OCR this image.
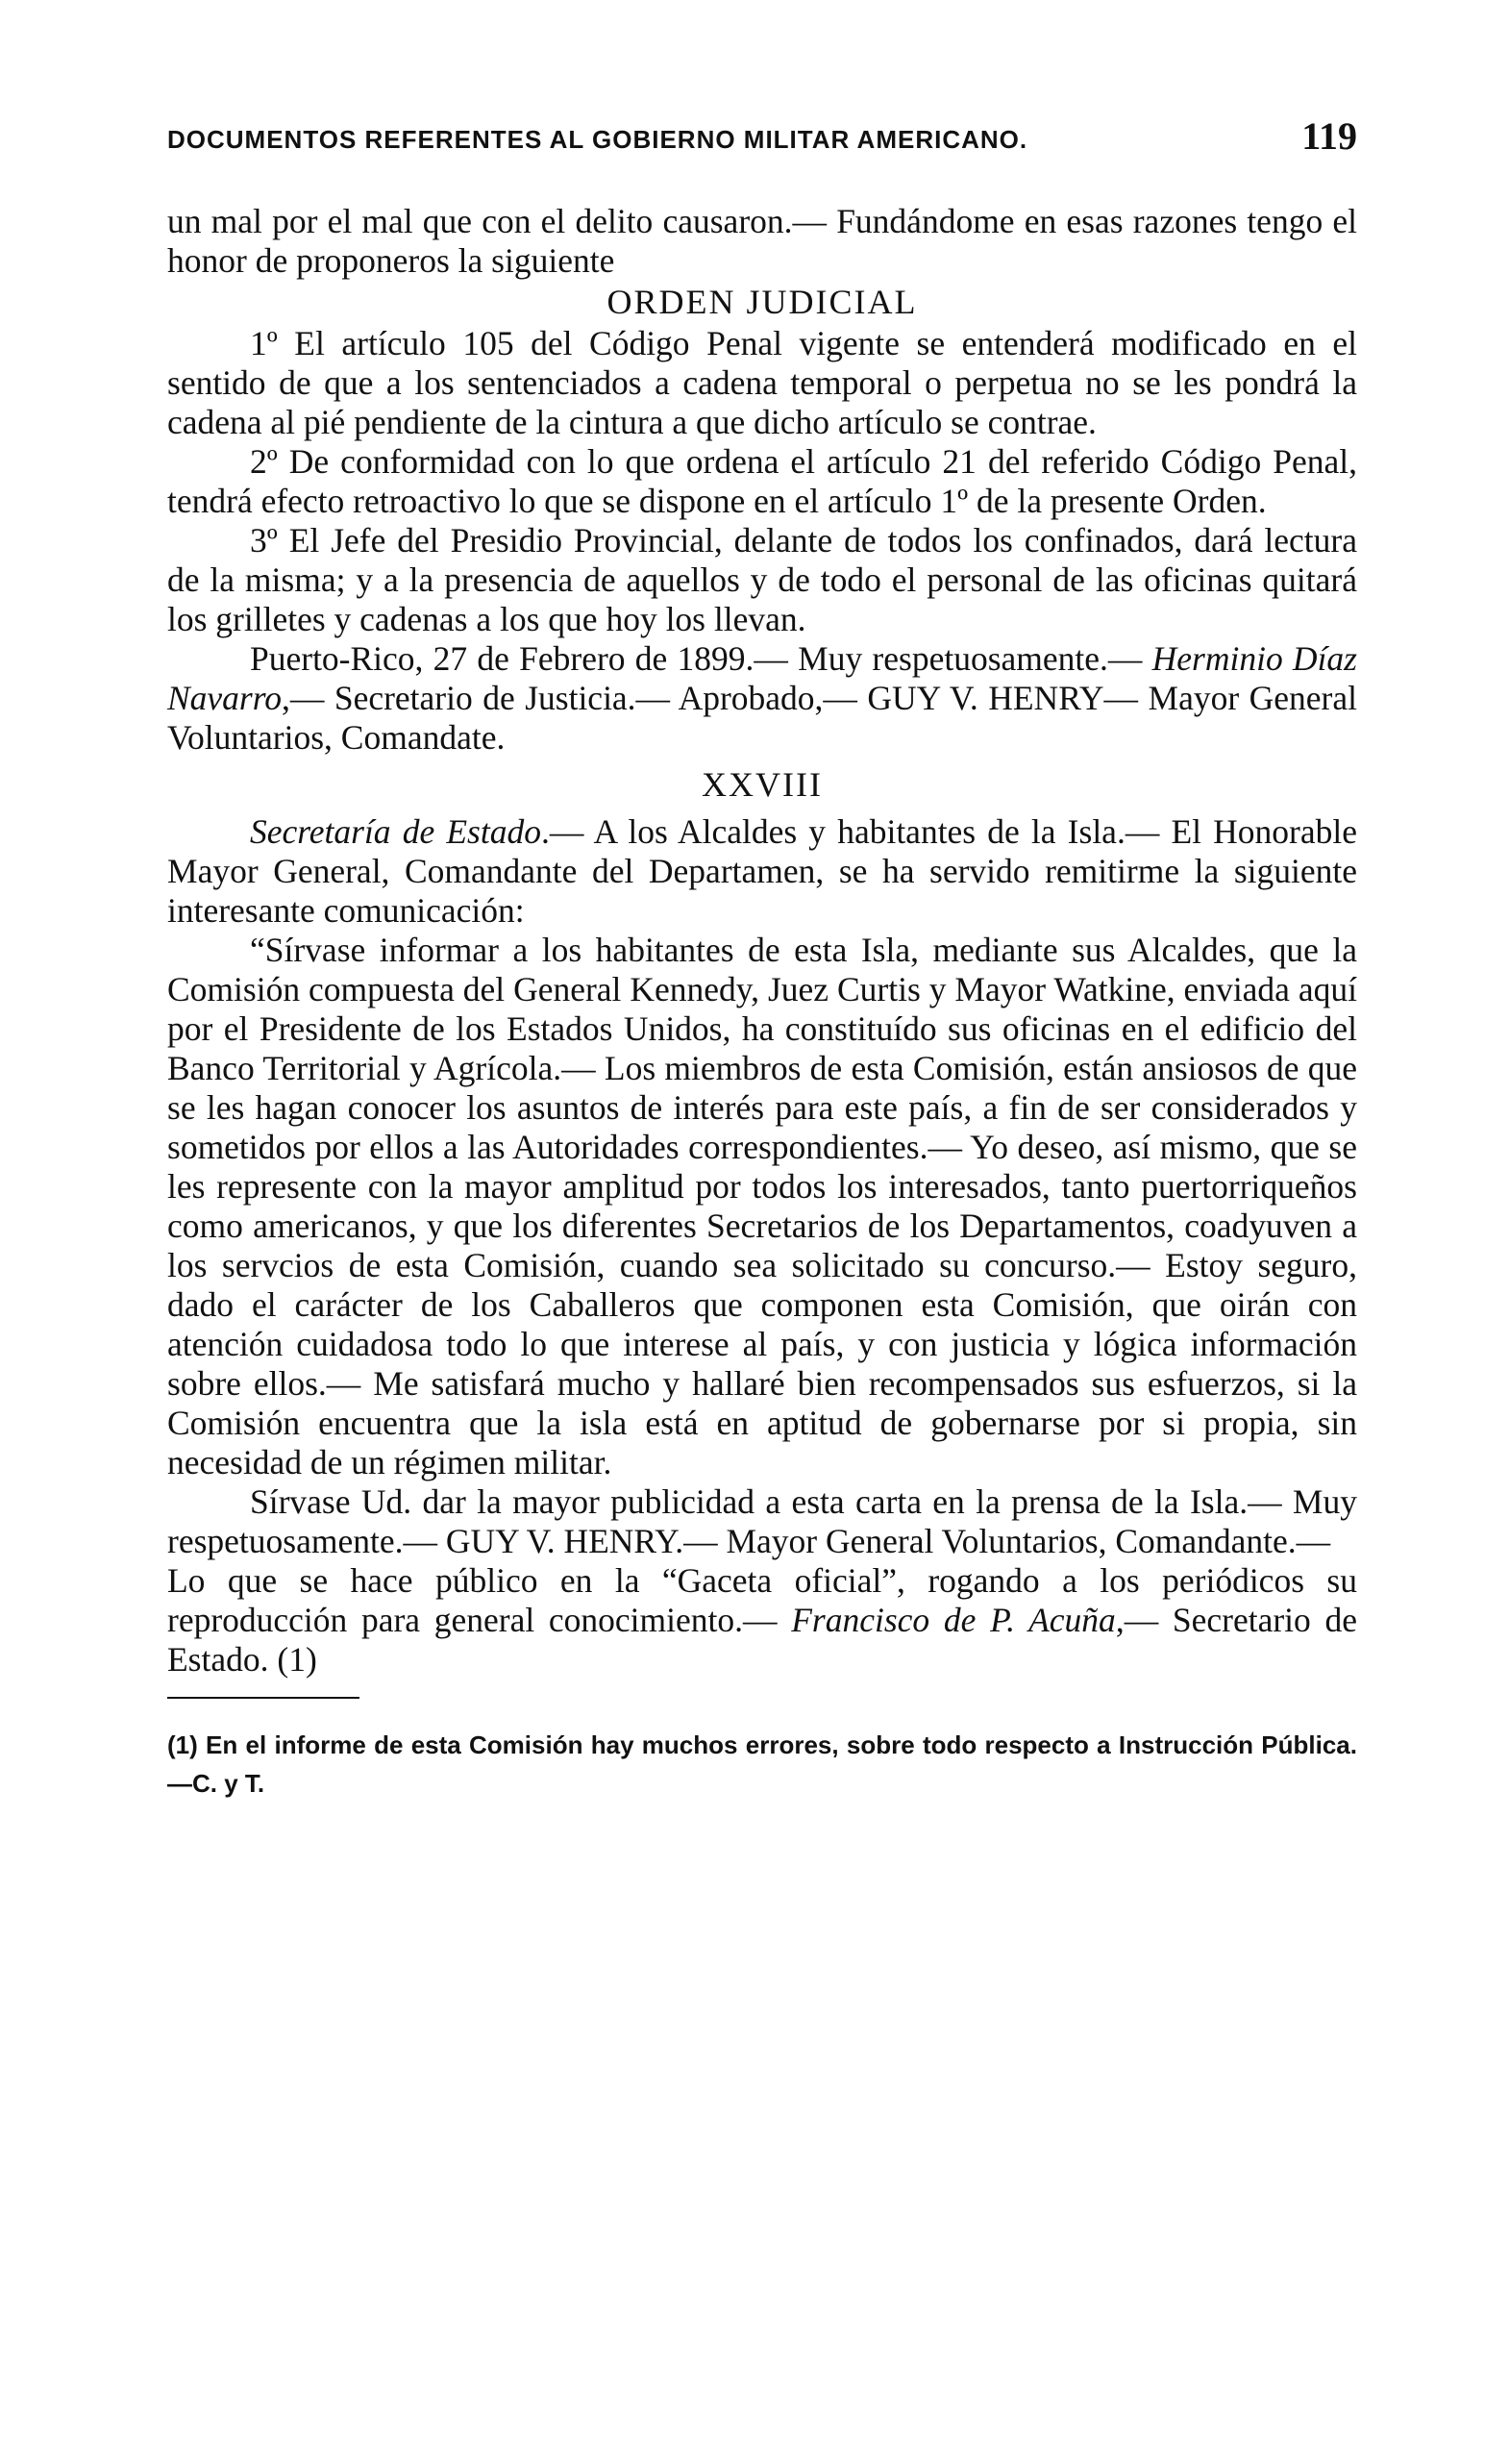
DOCUMENTOS REFERENTES AL GOBIERNO MILITAR AMERICANO.	119

un mal por el mal que con el delito causaron.— Fundándome en esas razones tengo el honor de proponeros la siguiente

ORDEN JUDICIAL

1º El artículo 105 del Código Penal vigente se entenderá modificado en el sentido de que a los sentenciados a cadena temporal o perpetua no se les pondrá la cadena al pié pendiente de la cintura a que dicho artículo se contrae.

2º De conformidad con lo que ordena el artículo 21 del referido Código Penal, tendrá efecto retroactivo lo que se dispone en el artículo 1º de la presente Orden.

3º El Jefe del Presidio Provincial, delante de todos los confinados, dará lectura de la misma; y a la presencia de aquellos y de todo el personal de las oficinas quitará los grilletes y cadenas a los que hoy los llevan.

Puerto-Rico, 27 de Febrero de 1899.— Muy respetuosamente.— Herminio Díaz Navarro,— Secretario de Justicia.— Aprobado,— GUY V. HENRY— Mayor General Voluntarios, Comandate.

XXVIII

Secretaría de Estado.— A los Alcaldes y habitantes de la Isla.— El Honorable Mayor General, Comandante del Departamen, se ha servido remitirme la siguiente interesante comunicación:

“Sírvase informar a los habitantes de esta Isla, mediante sus Alcaldes, que la Comisión compuesta del General Kennedy, Juez Curtis y Mayor Watkine, enviada aquí por el Presidente de los Estados Unidos, ha constituído sus oficinas en el edificio del Banco Territorial y Agrícola.— Los miembros de esta Comisión, están ansiosos de que se les hagan conocer los asuntos de interés para este país, a fin de ser considerados y sometidos por ellos a las Autoridades correspondientes.— Yo deseo, así mismo, que se les represente con la mayor amplitud por todos los interesados, tanto puertorriqueños como americanos, y que los diferentes Secretarios de los Departamentos, coadyuven a los servcios de esta Comisión, cuando sea solicitado su concurso.— Estoy seguro, dado el carácter de los Caballeros que componen esta Comisión, que oirán con atención cuidadosa todo lo que interese al país, y con justicia y lógica información sobre ellos.— Me satisfará mucho y hallaré bien recompensados sus esfuerzos, si la Comisión encuentra que la isla está en aptitud de gobernarse por si propia, sin necesidad de un régimen militar.

Sírvase Ud. dar la mayor publicidad a esta carta en la prensa de la Isla.— Muy respetuosamente.— GUY V. HENRY.— Mayor General Voluntarios, Comandante.—

Lo que se hace público en la “Gaceta oficial”, rogando a los periódicos su reproducción para general conocimiento.— Francisco de P. Acuña,— Secretario de Estado. (1)

(1) En el informe de esta Comisión hay muchos errores, sobre todo respecto a Instrucción Pública.—C. y T.
